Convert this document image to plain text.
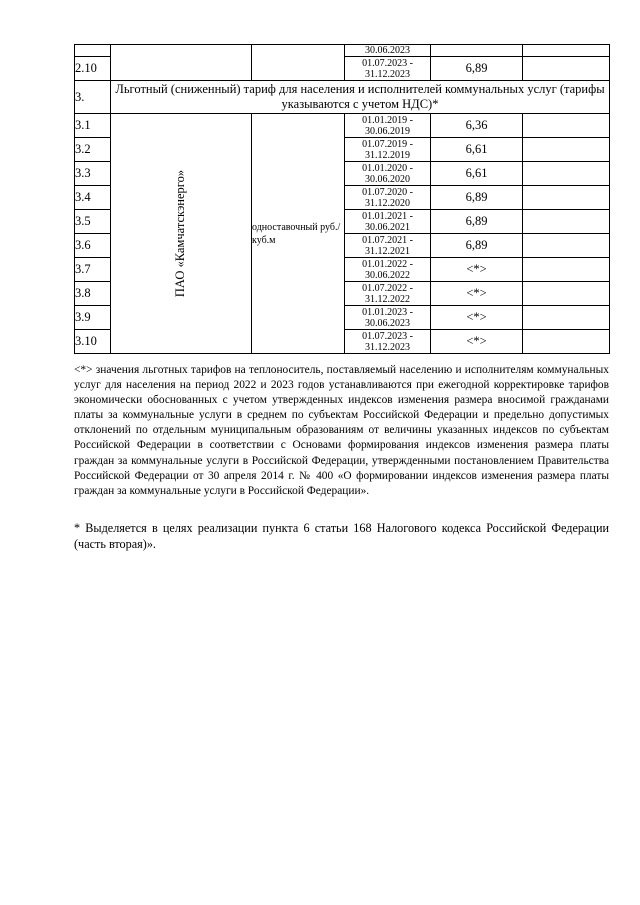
			30.06.2023		
2.10			01.07.2023 - 31.12.2023	6,89	
3.	Льготный (сниженный) тариф для населения и исполнителей коммунальных услуг (тарифы указываются с учетом НДС)*				
3.1	ПАО «Камчатскэнерго»	одноставочный руб./куб.м	01.01.2019 - 30.06.2019	6,36	
3.2			01.07.2019 - 31.12.2019	6,61	
3.3			01.01.2020 - 30.06.2020	6,61	
3.4			01.07.2020 - 31.12.2020	6,89	
3.5			01.01.2021 - 30.06.2021	6,89	
3.6			01.07.2021 - 31.12.2021	6,89	
3.7			01.01.2022 - 30.06.2022	<*>	
3.8			01.07.2022 - 31.12.2022	<*>	
3.9			01.01.2023 - 30.06.2023	<*>	
3.10			01.07.2023 - 31.12.2023	<*>	

<*> значения льготных тарифов на теплоноситель, поставляемый населению и исполнителям коммунальных услуг для населения на период 2022 и 2023 годов устанавливаются при ежегодной корректировке тарифов экономически обоснованных с учетом утвержденных индексов изменения размера вносимой гражданами платы за коммунальные услуги в среднем по субъектам Российской Федерации и предельно допустимых отклонений по отдельным муниципальным образованиям от величины указанных индексов по субъектам Российской Федерации в соответствии с Основами формирования индексов изменения размера платы граждан за коммунальные услуги в Российской Федерации, утвержденными постановлением Правительства Российской Федерации от 30 апреля 2014 г. № 400 «О формировании индексов изменения размера платы граждан за коммунальные услуги в Российской Федерации».

* Выделяется в целях реализации пункта 6 статьи 168 Налогового кодекса Российской Федерации (часть вторая)».
